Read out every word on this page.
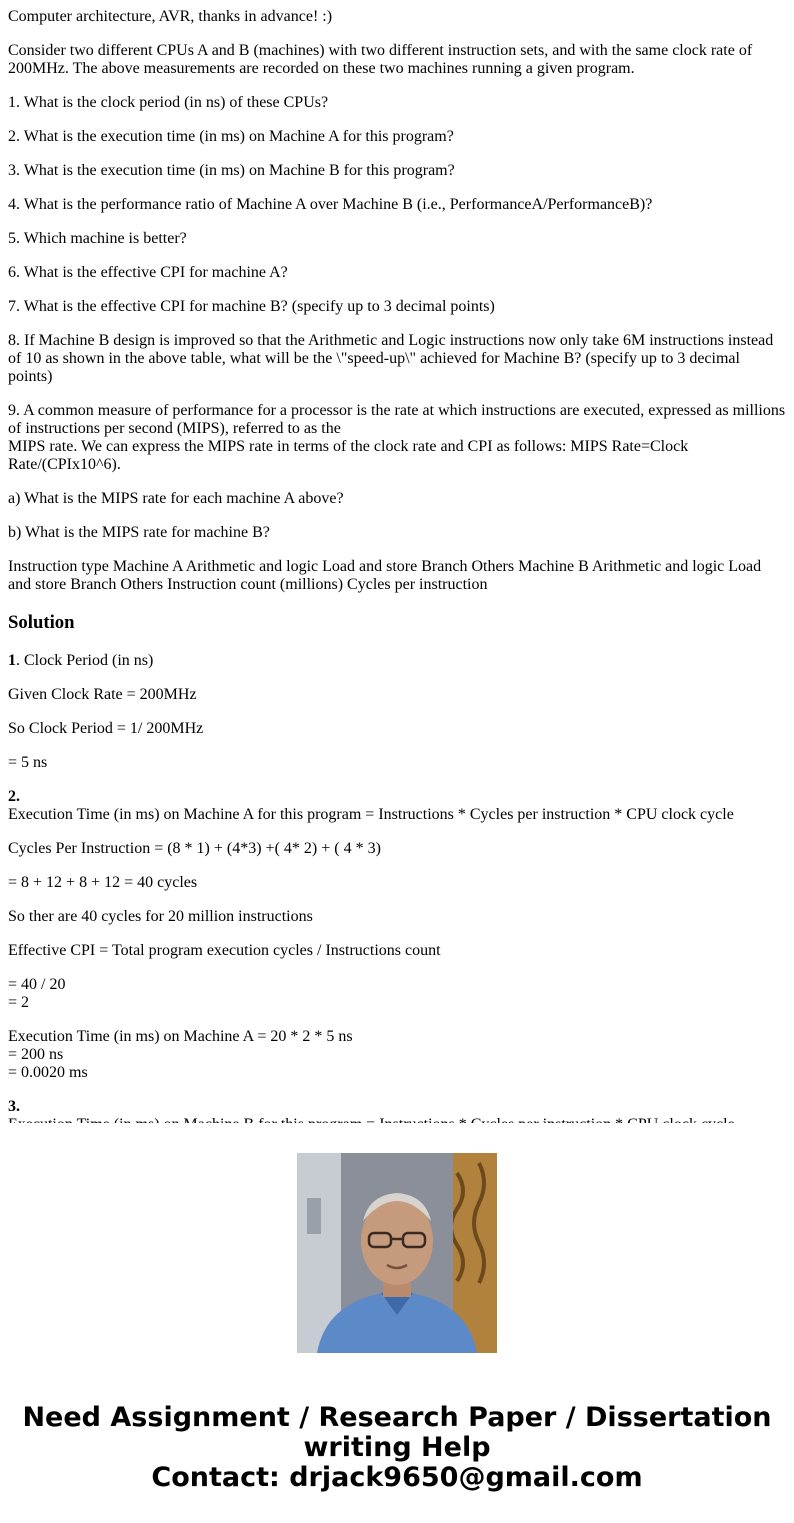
Computer architecture, AVR, thanks in advance! :)

Consider two different CPUs A and B (machines) with two different instruction sets, and with the same clock rate of 200MHz. The above measurements are recorded on these two machines running a given program.

1. What is the clock period (in ns) of these CPUs?

2. What is the execution time (in ms) on Machine A for this program?

3. What is the execution time (in ms) on Machine B for this program?

4. What is the performance ratio of Machine A over Machine B (i.e., PerformanceA/PerformanceB)?

5. Which machine is better?

6. What is the effective CPI for machine A?

7. What is the effective CPI for machine B? (specify up to 3 decimal points)

8. If Machine B design is improved so that the Arithmetic and Logic instructions now only take 6M instructions instead of 10 as shown in the above table, what will be the \"speed-up\" achieved for Machine B? (specify up to 3 decimal points)

9. A common measure of performance for a processor is the rate at which instructions are executed, expressed as millions of instructions per second (MIPS), referred to as the
MIPS rate. We can express the MIPS rate in terms of the clock rate and CPI as follows: MIPS Rate=Clock Rate/(CPIx10^6).

a) What is the MIPS rate for each machine A above?

b) What is the MIPS rate for machine B?

Instruction type Machine A Arithmetic and logic Load and store Branch Others Machine B Arithmetic and logic Load and store Branch Others Instruction count (millions) Cycles per instruction

Solution

1. Clock Period (in ns)

Given Clock Rate = 200MHz

So Clock Period = 1/ 200MHz

= 5 ns

2.
Execution Time (in ms) on Machine A for this program = Instructions * Cycles per instruction * CPU clock cycle

Cycles Per Instruction = (8 * 1) + (4*3) +( 4* 2) + ( 4 * 3)

= 8 + 12 + 8 + 12 = 40 cycles

So ther are 40 cycles for 20 million instructions

Effective CPI = Total program execution cycles / Instructions count

= 40 / 20
= 2

Execution Time (in ms) on Machine A = 20 * 2 * 5 ns
= 200 ns
= 0.0020 ms

3.

Need Assignment / Research Paper / Dissertation
writing Help
Contact: drjack9650@gmail.com
